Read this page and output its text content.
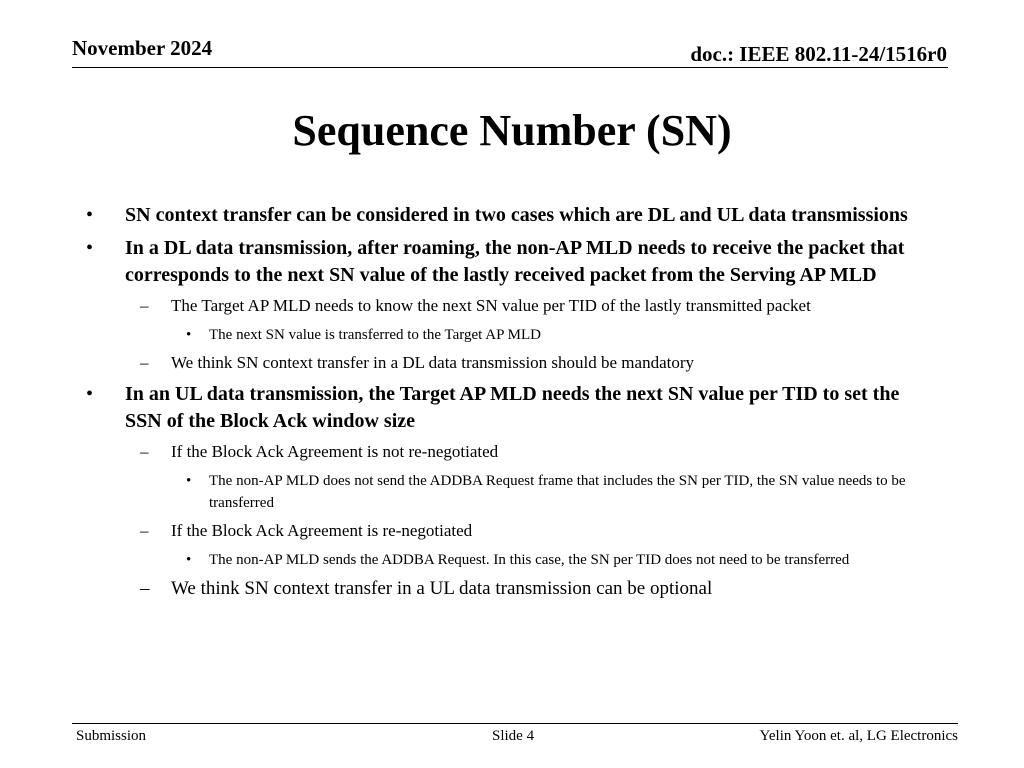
November 2024	doc.: IEEE 802.11-24/1516r0
Sequence Number (SN)
• SN context transfer can be considered in two cases which are DL and UL data transmissions
• In a DL data transmission, after roaming, the non-AP MLD needs to receive the packet that corresponds to the next SN value of the lastly received packet from the Serving AP MLD
– The Target AP MLD needs to know the next SN value per TID of the lastly transmitted packet
• The next SN value is transferred to the Target AP MLD
– We think SN context transfer in a DL data transmission should be mandatory
• In an UL data transmission, the Target AP MLD needs the next SN value per TID to set the SSN of the Block Ack window size
– If the Block Ack Agreement is not re-negotiated
• The non-AP MLD does not send the ADDBA Request frame that includes the SN per TID, the SN value needs to be transferred
– If the Block Ack Agreement is re-negotiated
• The non-AP MLD sends the ADDBA Request. In this case, the SN per TID does not need to be transferred
– We think SN context transfer in a UL data transmission can be optional
Submission	Slide 4	Yelin Yoon et. al, LG Electronics
